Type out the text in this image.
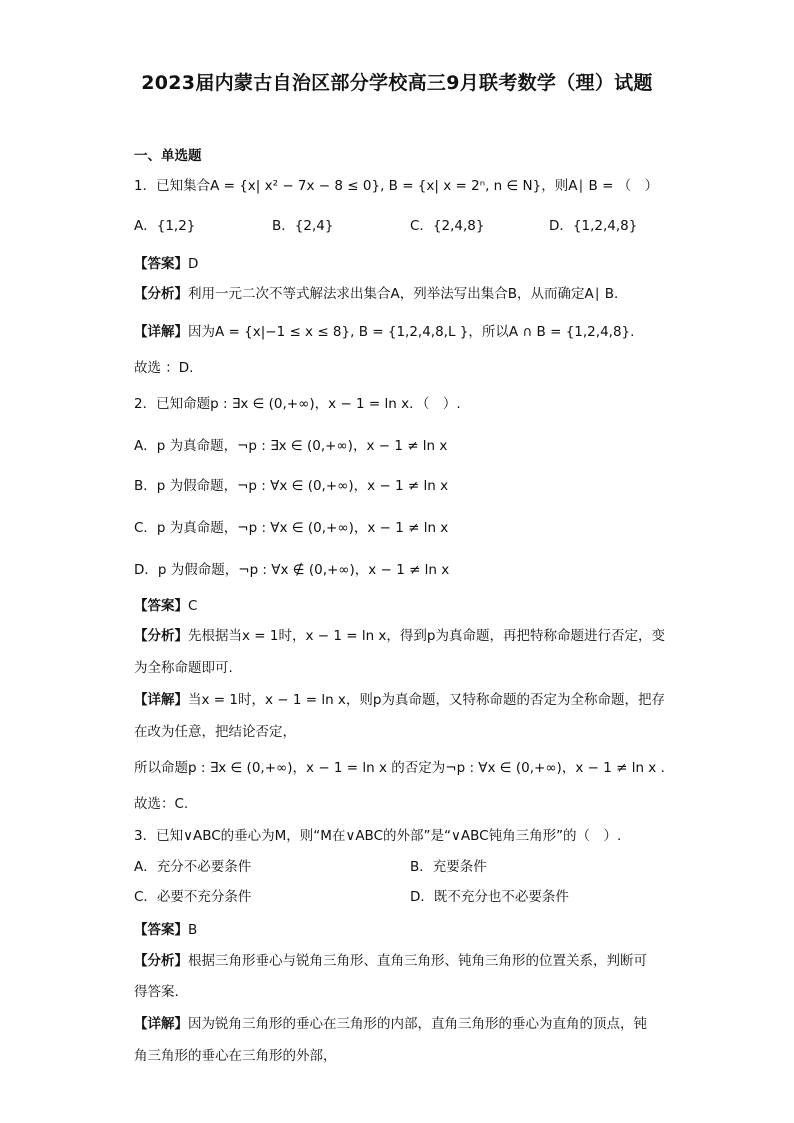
2023届内蒙古自治区部分学校高三9月联考数学（理）试题
一、单选题
1．已知集合A = {x| x² − 7x − 8 ≤ 0}, B = {x| x = 2ⁿ, n ∈ N}，则A∣ B = （　）
A．{1,2}	B．{2,4}	C．{2,4,8}	D．{1,2,4,8}
【答案】D
【分析】利用一元二次不等式解法求出集合A，列举法写出集合B，从而确定A∣ B.
【详解】因为A = {x|−1 ≤ x ≤ 8}, B = {1,2,4,8,L }，所以A ∩ B = {1,2,4,8}.
故选 ：D.
2．已知命题p : ∃x ∈ (0,+∞)，x − 1 = ln x．（　）.
A．p 为真命题，¬p : ∃x ∈ (0,+∞)，x − 1 ≠ ln x
B．p 为假命题，¬p : ∀x ∈ (0,+∞)，x − 1 ≠ ln x
C．p 为真命题，¬p : ∀x ∈ (0,+∞)，x − 1 ≠ ln x
D．p 为假命题，¬p : ∀x ∉ (0,+∞)，x − 1 ≠ ln x
【答案】C
【分析】先根据当x = 1时，x − 1 = ln x，得到p为真命题，再把特称命题进行否定，变
为全称命题即可.
【详解】当x = 1时，x − 1 = ln x，则p为真命题，又特称命题的否定为全称命题，把存
在改为任意，把结论否定，
所以命题p : ∃x ∈ (0,+∞)，x − 1 = ln x 的否定为¬p : ∀x ∈ (0,+∞)，x − 1 ≠ ln x .
故选：C.
3．已知∨ABC的垂心为M，则“M在∨ABC的外部”是“∨ABC钝角三角形”的（　）.
A．充分不必要条件	B．充要条件
C．必要不充分条件	D．既不充分也不必要条件
【答案】B
【分析】根据三角形垂心与锐角三角形、直角三角形、钝角三角形的位置关系，判断可
得答案.
【详解】因为锐角三角形的垂心在三角形的内部，直角三角形的垂心为直角的顶点，钝
角三角形的垂心在三角形的外部，
